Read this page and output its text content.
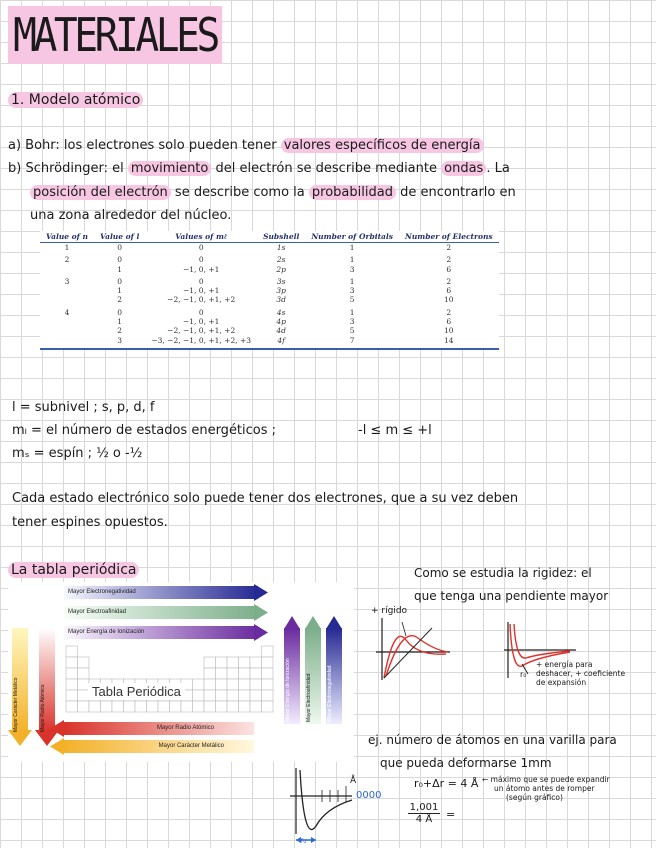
MATERIALES
1. Modelo atómico
a) Bohr: los electrones solo pueden tener valores específicos de energía
b) Schrödinger: el movimiento del electrón se describe mediante ondas . La
posición del electrón se describe como la probabilidad de encontrarlo en
una zona alrededor del núcleo.
Value of n	Value of l	Values of mℓ	Subshell	Number of Orbitals	Number of Electrons
1	0	0	1s	1	2
2	0	0	2s	1	2
	1	−1, 0, +1	2p	3	6
3	0	0	3s	1	2
	1	−1, 0, +1	3p	3	6
	2	−2, −1, 0, +1, +2	3d	5	10
4	0	0	4s	1	2
	1	−1, 0, +1	4p	3	6
	2	−2, −1, 0, +1, +2	4d	5	10
	3	−3, −2, −1, 0, +1, +2, +3	4f	7	14
l = subnivel ; s, p, d, f
mₗ = el número de estados energéticos ;	-l ≤ m ≤ +l
mₛ = espín ; ½ o -½
Cada estado electrónico solo puede tener dos electrones, que a su vez deben
tener espines opuestos.
La tabla periódica	Como se estudia la rigidez: el
que tenga una pendiente mayor
Mayor Electronegatividad
Mayor Electroafinidad
Mayor Energía de Ionización
Mayor Carácter Metálico	Mayor Radio Atómico	Tabla Periódica	Mayor Energía de Ionización	Mayor Electroafinidad	Mayor Electronegatividad
Mayor Radio Atómico
Mayor Carácter Metálico
+ rígido
r₀
+ energía para
deshacer, + coeficiente
de expansión
ej. número de átomos en una varilla para
que pueda deformarse 1mm
r₀
0000
Å	r₀+Δr = 4 Å ← máximo que se puede expandir
un átomo antes de romper
(según gráfico)
1,001
4 Å	=
